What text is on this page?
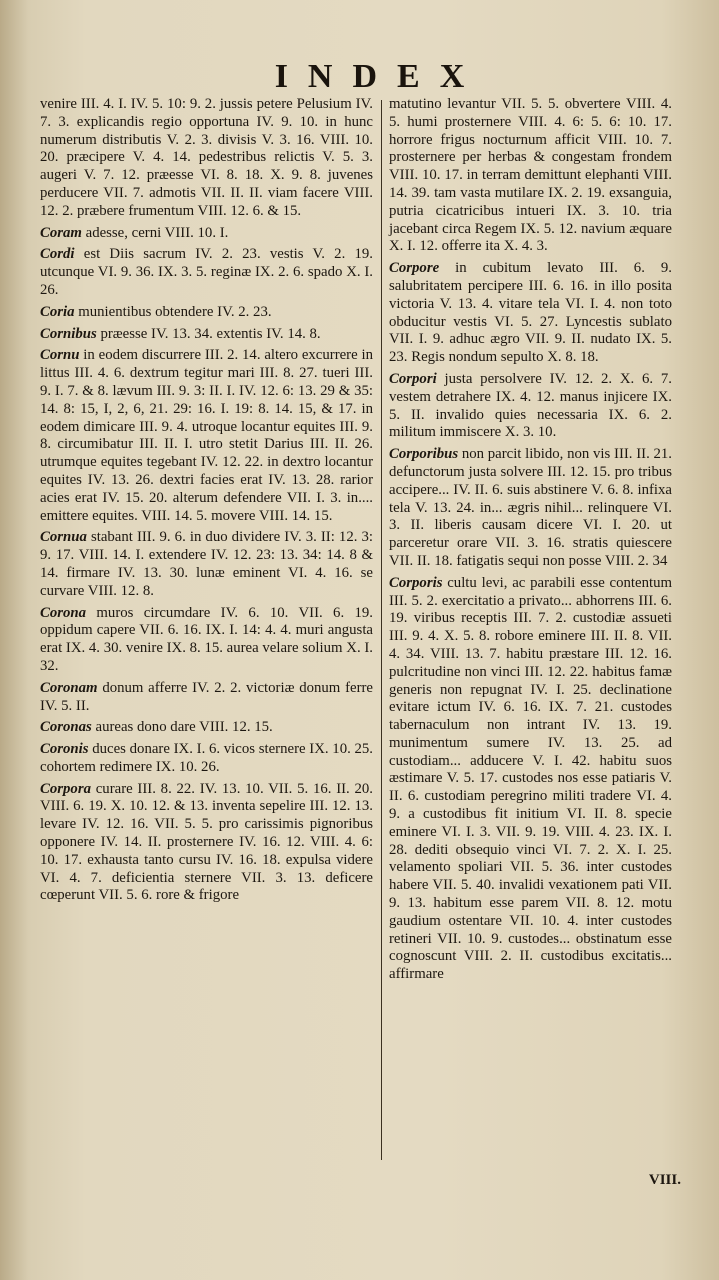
INDEX

venire III. 4. I. IV. 5. 10: 9. 2. jussis petere Pelusium IV. 7. 3. explicandis regio opportuna IV. 9. 10. in hunc numerum distributis V. 2. 3. divisis V. 3. 16. VIII. 10. 20. præcipere V. 4. 14. pedestribus relictis V. 5. 3. augeri V. 7. 12. præesse VI. 8. 18. X. 9. 8. juvenes perducere VII. 7. admotis VII. II. II. viam facere VIII. 12. 2. præbere frumentum VIII. 12. 6. & 15.

Coram adesse, cerni VIII. 10. I.

Cordi est Diis sacrum IV. 2. 23. vestis V. 2. 19. utcunque VI. 9. 36. IX. 3. 5. reginæ IX. 2. 6. spado X. I. 26.

Coria munientibus obtendere IV. 2. 23.

Cornibus præesse IV. 13. 34. extentis IV. 14. 8.

Cornu in eodem discurrere III. 2. 14. altero excurrere in littus III. 4. 6. dextrum tegitur mari III. 8. 27. tueri III. 9. I. 7. & 8. lævum III. 9. 3: II. I. IV. 12. 6: 13. 29 & 35: 14. 8: 15, I, 2, 6, 21. 29: 16. I. 19: 8. 14. 15, & 17. in eodem dimicare III. 9. 4. utroque locantur equites III. 9. 8. circumibatur III. II. I. utro stetit Darius III. II. 26. utrumque equites tegebant IV. 12. 22. in dextro locantur equites IV. 13. 26. dextri facies erat IV. 13. 28. rarior acies erat IV. 15. 20. alterum defendere VII. I. 3. in.... emittere equites. VIII. 14. 5. movere VIII. 14. 15.

Cornua stabant III. 9. 6. in duo dividere IV. 3. II: 12. 3: 9. 17. VIII. 14. I. extendere IV. 12. 23: 13. 34: 14. 8 & 14. firmare IV. 13. 30. lunæ eminent VI. 4. 16. se curvare VIII. 12. 8.

Corona muros circumdare IV. 6. 10. VII. 6. 19. oppidum capere VII. 6. 16. IX. I. 14: 4. 4. muri angusta erat IX. 4. 30. venire IX. 8. 15. aurea velare solium X. I. 32.

Coronam donum afferre IV. 2. 2. victoriæ donum ferre IV. 5. II.

Coronas aureas dono dare VIII. 12. 15.

Coronis duces donare IX. I. 6. vicos sternere IX. 10. 25. cohortem redimere IX. 10. 26.

Corpora curare III. 8. 22. IV. 13. 10. VII. 5. 16. II. 20. VIII. 6. 19. X. 10. 12. & 13. inventa sepelire III. 12. 13. levare IV. 12. 16. VII. 5. 5. pro carissimis pignoribus opponere IV. 14. II. prosternere IV. 16. 12. VIII. 4. 6: 10. 17. exhausta tanto cursu IV. 16. 18. expulsa videre VI. 4. 7. deficientia sternere VII. 3. 13. deficere cœperunt VII. 5. 6. rore & frigore

matutino levantur VII. 5. 5. obvertere VIII. 4. 5. humi prosternere VIII. 4. 6: 5. 6: 10. 17. horrore frigus nocturnum afficit VIII. 10. 7. prosternere per herbas & congestam frondem VIII. 10. 17. in terram demittunt elephanti VIII. 14. 39. tam vasta mutilare IX. 2. 19. exsanguia, putria cicatricibus intueri IX. 3. 10. tria jacebant circa Regem IX. 5. 12. navium æquare X. I. 12. offerre ita X. 4. 3.

Corpore in cubitum levato III. 6. 9. salubritatem percipere III. 6. 16. in illo posita victoria V. 13. 4. vitare tela VI. I. 4. non toto obducitur vestis VI. 5. 27. Lyncestis sublato VII. I. 9. adhuc ægro VII. 9. II. nudato IX. 5. 23. Regis nondum sepulto X. 8. 18.

Corpori justa persolvere IV. 12. 2. X. 6. 7. vestem detrahere IX. 4. 12. manus injicere IX. 5. II. invalido quies necessaria IX. 6. 2. militum immiscere X. 3. 10.

Corporibus non parcit libido, non vis III. II. 21. defunctorum justa solvere III. 12. 15. pro tribus accipere... IV. II. 6. suis abstinere V. 6. 8. infixa tela V. 13. 24. in... ægris nihil... relinquere VI. 3. II. liberis causam dicere VI. I. 20. ut parceretur orare VII. 3. 16. stratis quiescere VII. II. 18. fatigatis sequi non posse VIII. 2. 34

Corporis cultu levi, ac parabili esse contentum III. 5. 2. exercitatio a privato... abhorrens III. 6. 19. viribus receptis III. 7. 2. custodiæ assueti III. 9. 4. X. 5. 8. robore eminere III. II. 8. VII. 4. 34. VIII. 13. 7. habitu præstare III. 12. 16. pulcritudine non vinci III. 12. 22. habitus famæ generis non repugnat IV. I. 25. declinatione evitare ictum IV. 6. 16. IX. 7. 21. custodes tabernaculum non intrant IV. 13. 19. munimentum sumere IV. 13. 25. ad custodiam... adducere V. I. 42. habitu suos æstimare V. 5. 17. custodes nos esse patiaris V. II. 6. custodiam peregrino militi tradere VI. 4. 9. a custodibus fit initium VI. II. 8. specie eminere VI. I. 3. VII. 9. 19. VIII. 4. 23. IX. I. 28. dediti obsequio vinci VI. 7. 2. X. I. 25. velamento spoliari VII. 5. 36. inter custodes habere VII. 5. 40. invalidi vexationem pati VII. 9. 13. habitum esse parem VII. 8. 12. motu gaudium ostentare VII. 10. 4. inter custodes retineri VII. 10. 9. custodes... obstinatum esse cognoscunt VIII. 2. II. custodibus excitatis... affirmare

VIII.
